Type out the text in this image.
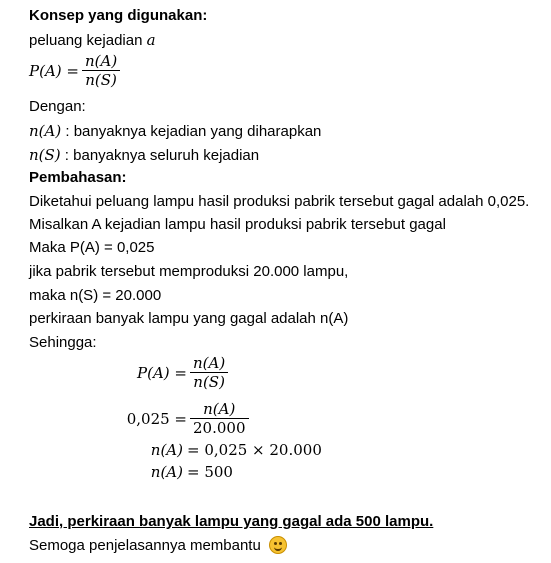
Konsep yang digunakan:
peluang kejadian a
$P(A) = \frac{n(A)}{n(S)}$
Dengan:
n(A) : banyaknya kejadian yang diharapkan
n(S) : banyaknya seluruh kejadian
Pembahasan:
Diketahui peluang lampu hasil produksi pabrik tersebut gagal adalah 0,025.
Misalkan A kejadian lampu hasil produksi pabrik tersebut gagal
Maka P(A) = 0,025
jika pabrik tersebut memproduksi 20.000 lampu,
maka n(S) = 20.000
perkiraan banyak lampu yang gagal adalah n(A)
Sehingga:
$P(A) = \frac{n(A)}{n(S)}$
$0,025 = \frac{n(A)}{20.000}$
n(A) = 0,025 × 20.000
n(A) = 500
Jadi, perkiraan banyak lampu yang gagal ada 500 lampu.
Semoga penjelasannya membantu
